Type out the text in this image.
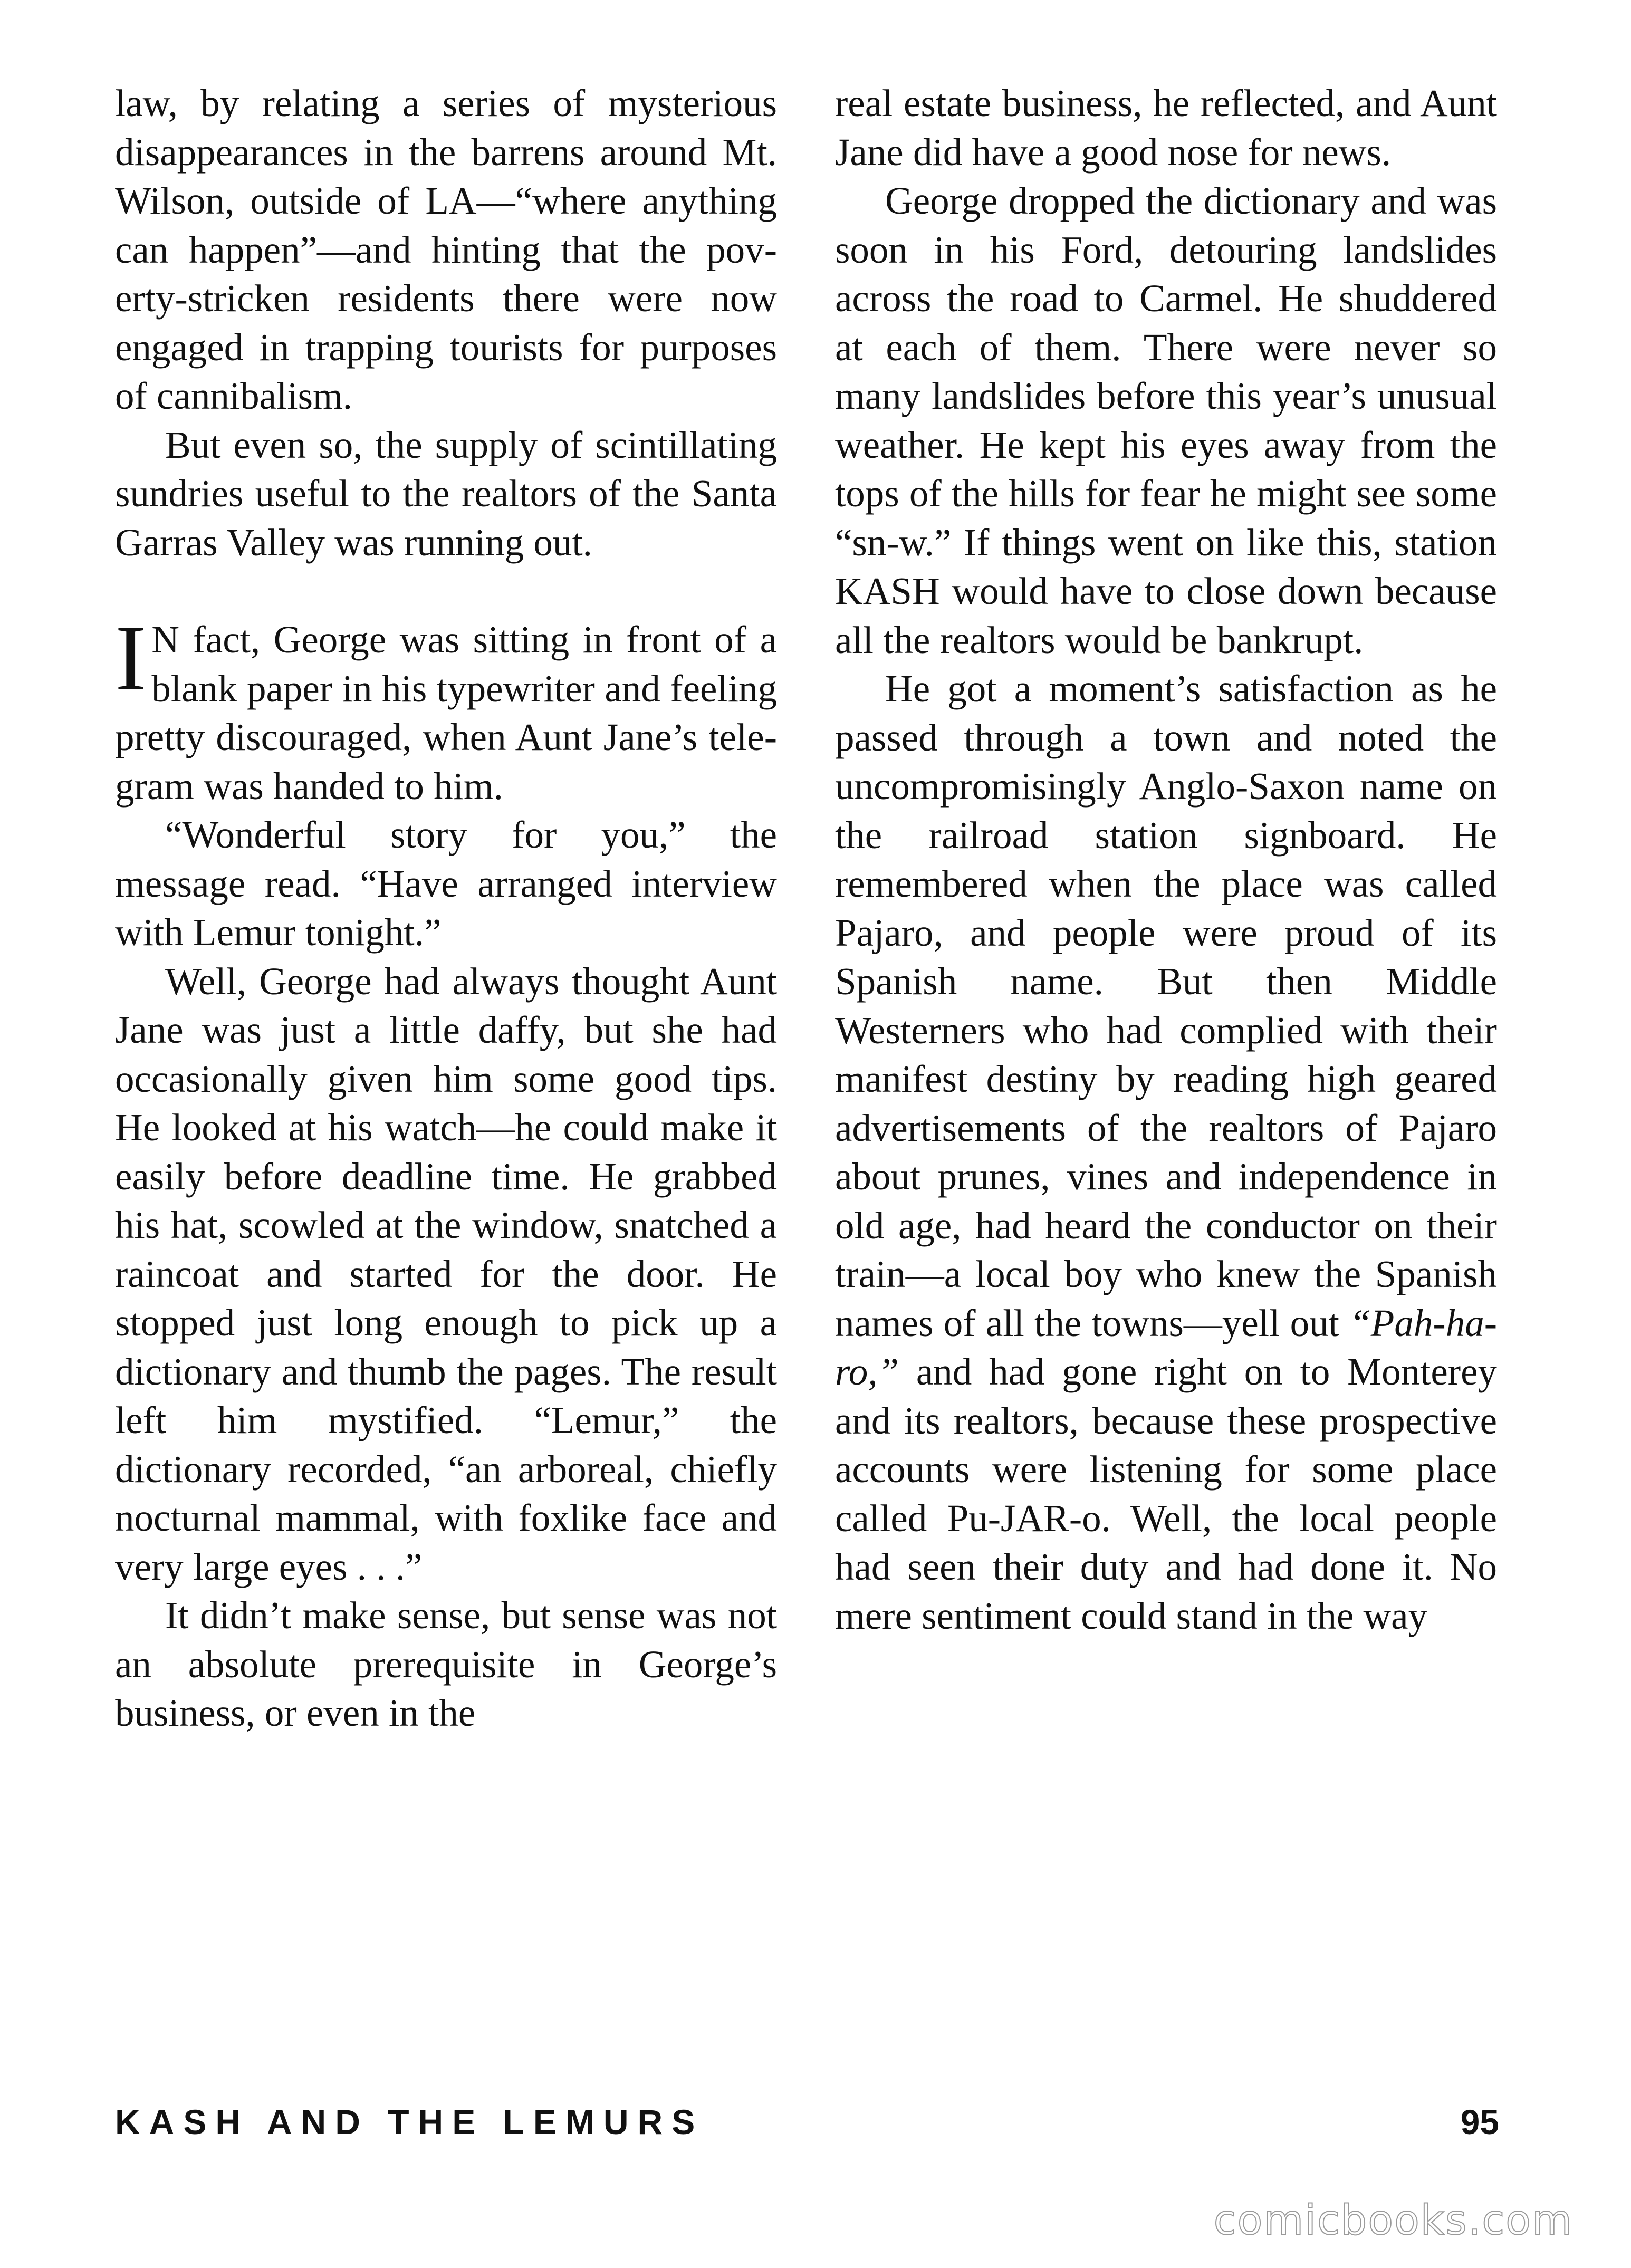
law, by relating a series of mysterious disappearances in the barrens around Mt. Wilson, outside of LA—“where anything can happen”—and hinting that the poverty-stricken residents there were now engaged in trapping tourists for purposes of cannibalism.

But even so, the supply of scintillating sundries useful to the realtors of the Santa Garras Valley was running out.

I N fact, George was sitting in front of a blank paper in his typewriter and feeling pretty discouraged, when Aunt Jane’s telegram was handed to him.

“Wonderful story for you,” the message read. “Have arranged interview with Lemur tonight.”

Well, George had always thought Aunt Jane was just a little daffy, but she had occasionally given him some good tips. He looked at his watch—he could make it easily before deadline time. He grabbed his hat, scowled at the window, snatched a raincoat and started for the door. He stopped just long enough to pick up a dictionary and thumb the pages. The result left him mystified. “Lemur,” the dictionary recorded, “an arboreal, chiefly nocturnal mammal, with foxlike face and very large eyes . . .”

It didn’t make sense, but sense was not an absolute prerequisite in George’s business, or even in the

real estate business, he reflected, and Aunt Jane did have a good nose for news.

George dropped the dictionary and was soon in his Ford, detouring landslides across the road to Carmel. He shuddered at each of them. There were never so many landslides before this year’s unusual weather. He kept his eyes away from the tops of the hills for fear he might see some “sn-w.” If things went on like this, station KASH would have to close down because all the realtors would be bankrupt.

He got a moment’s satisfaction as he passed through a town and noted the uncompromisingly Anglo-Saxon name on the railroad station signboard. He remembered when the place was called Pajaro, and people were proud of its Spanish name. But then Middle Westerners who had complied with their manifest destiny by reading high geared advertisements of the realtors of Pajaro about prunes, vines and independence in old age, had heard the conductor on their train—a local boy who knew the Spanish names of all the towns—yell out “Pah-ha-ro,” and had gone right on to Monterey and its realtors, because these prospective accounts were listening for some place called Pu-JAR-o. Well, the local people had seen their duty and had done it. No mere sentiment could stand in the way

KASH AND THE LEMURS	95
comicbooks.com
